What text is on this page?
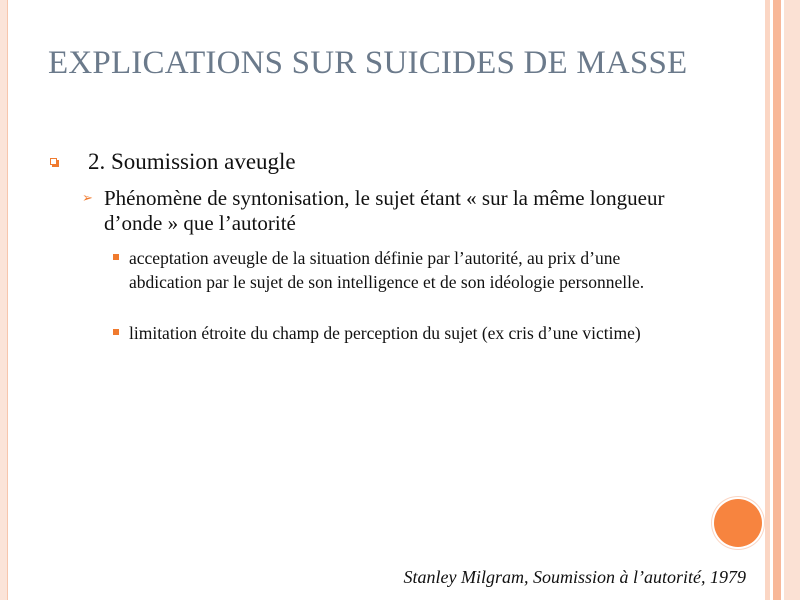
EXPLICATIONS SUR SUICIDES DE MASSE
2. Soumission aveugle
➢ Phénomène de syntonisation, le sujet étant « sur la même longueur d’onde » que l’autorité
acceptation aveugle de la situation définie par l’autorité, au prix d’une abdication par le sujet de son intelligence et de son idéologie personnelle.
limitation étroite du champ de perception du sujet (ex cris d’une victime)
Stanley Milgram, Soumission à l’autorité, 1979
